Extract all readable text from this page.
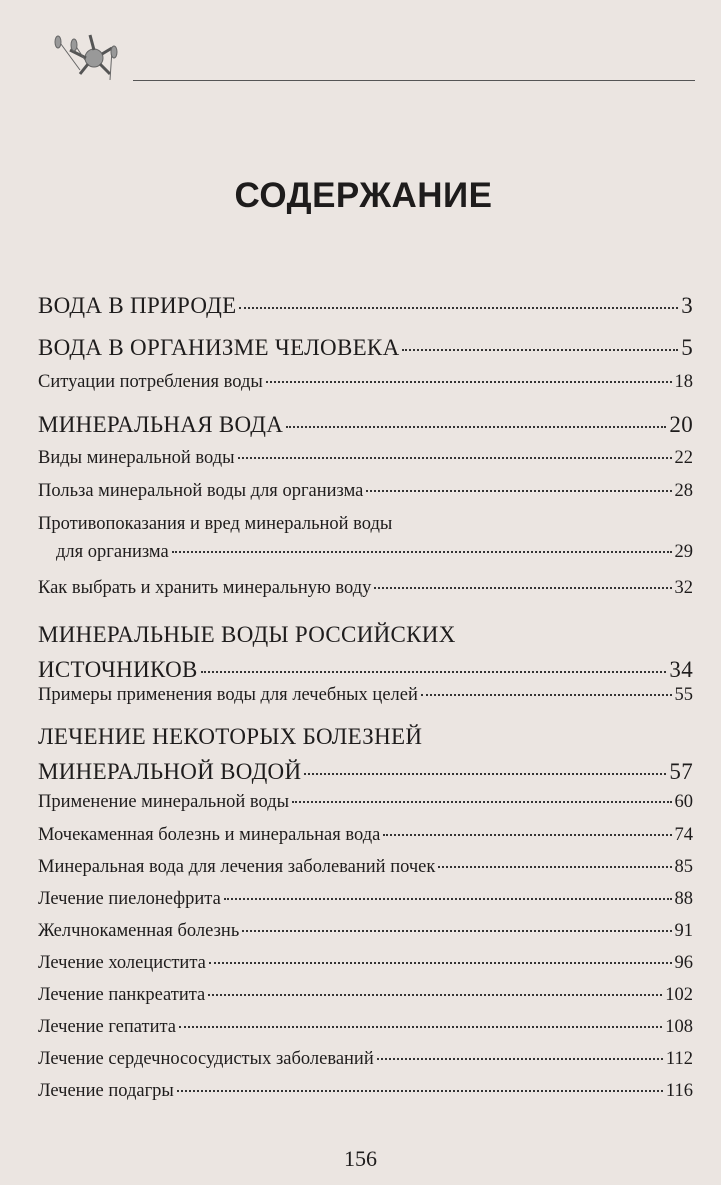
СОДЕРЖАНИЕ
ВОДА В ПРИРОДЕ	3
ВОДА В ОРГАНИЗМЕ ЧЕЛОВЕКА	5
Ситуации потребления воды	18
МИНЕРАЛЬНАЯ ВОДА	20
Виды минеральной воды	22
Польза минеральной воды для организма	28
Противопоказания и вред минеральной воды
для организма	29
Как выбрать и хранить минеральную воду	32
МИНЕРАЛЬНЫЕ ВОДЫ РОССИЙСКИХ
ИСТОЧНИКОВ	34
Примеры применения воды для лечебных целей	55
ЛЕЧЕНИЕ НЕКОТОРЫХ БОЛЕЗНЕЙ
МИНЕРАЛЬНОЙ ВОДОЙ	57
Применение минеральной воды	60
Мочекаменная болезнь и минеральная вода	74
Минеральная вода для лечения заболеваний почек	85
Лечение пиелонефрита	88
Желчнокаменная болезнь	91
Лечение холецистита	96
Лечение панкреатита	102
Лечение гепатита	108
Лечение сердечнососудистых заболеваний	112
Лечение подагры	116
156
